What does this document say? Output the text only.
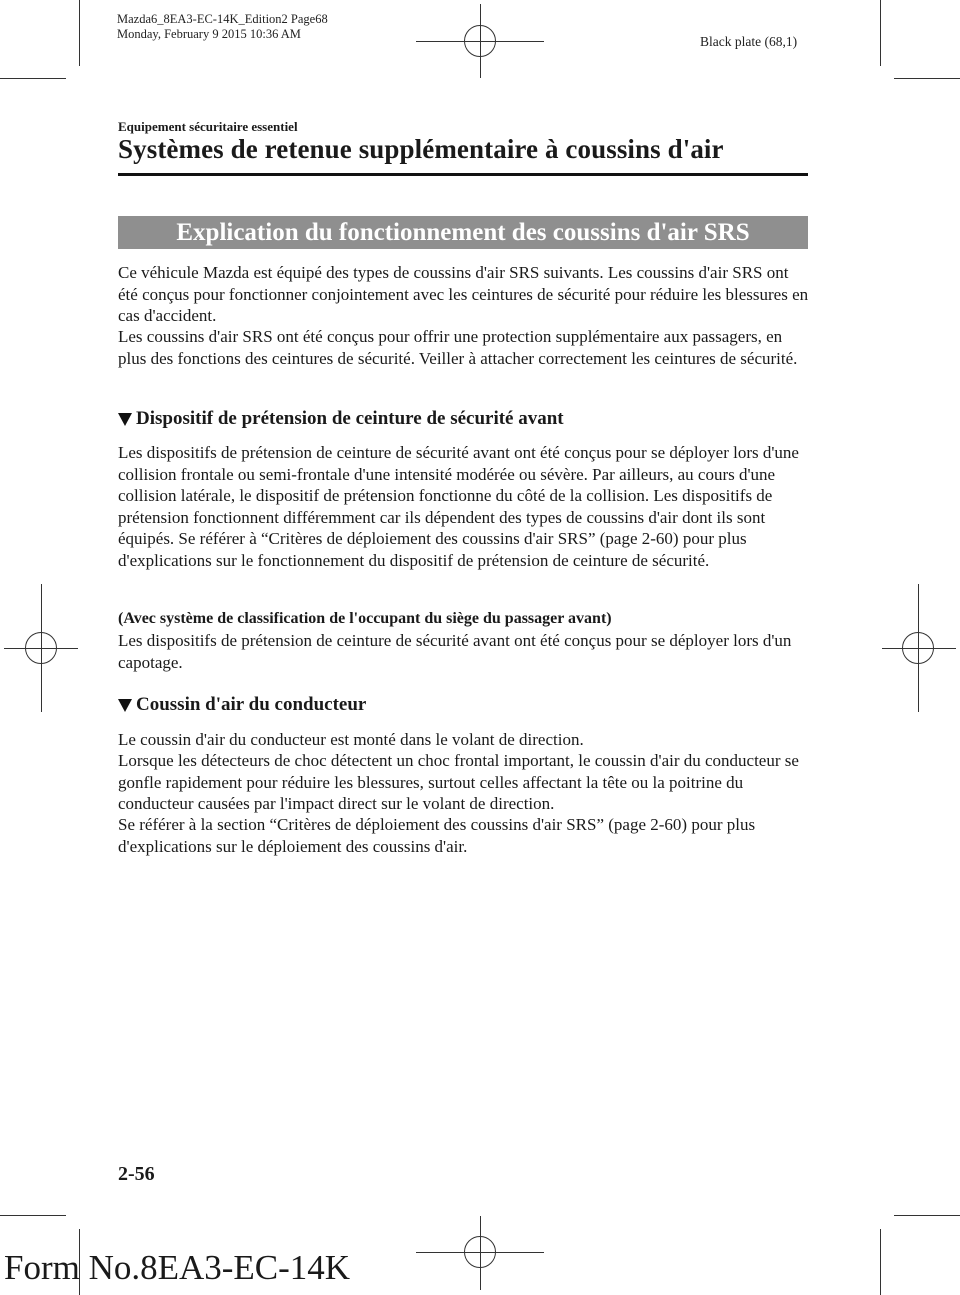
Mazda6_8EA3-EC-14K_Edition2 Page68
Monday, February 9 2015 10:36 AM	Black plate (68,1)
Equipement sécuritaire essentiel
Systèmes de retenue supplémentaire à coussins d'air
Explication du fonctionnement des coussins d'air SRS

Ce véhicule Mazda est équipé des types de coussins d'air SRS suivants. Les coussins d'air SRS ont été conçus pour fonctionner conjointement avec les ceintures de sécurité pour réduire les blessures en cas d'accident.

Les coussins d'air SRS ont été conçus pour offrir une protection supplémentaire aux passagers, en plus des fonctions des ceintures de sécurité. Veiller à attacher correctement les ceintures de sécurité.

Dispositif de prétension de ceinture de sécurité avant

Les dispositifs de prétension de ceinture de sécurité avant ont été conçus pour se déployer lors d'une collision frontale ou semi-frontale d'une intensité modérée ou sévère. Par ailleurs, au cours d'une collision latérale, le dispositif de prétension fonctionne du côté de la collision. Les dispositifs de prétension fonctionnent différemment car ils dépendent des types de coussins d'air dont ils sont équipés. Se référer à “Critères de déploiement des coussins d'air SRS” (page 2-60) pour plus d'explications sur le fonctionnement du dispositif de prétension de ceinture de sécurité.

(Avec système de classification de l'occupant du siège du passager avant)

Les dispositifs de prétension de ceinture de sécurité avant ont été conçus pour se déployer lors d'un capotage.

Coussin d'air du conducteur

Le coussin d'air du conducteur est monté dans le volant de direction.

Lorsque les détecteurs de choc détectent un choc frontal important, le coussin d'air du conducteur se gonfle rapidement pour réduire les blessures, surtout celles affectant la tête ou la poitrine du conducteur causées par l'impact direct sur le volant de direction.

Se référer à la section “Critères de déploiement des coussins d'air SRS” (page 2-60) pour plus d'explications sur le déploiement des coussins d'air.

2-56
Form No.8EA3-EC-14K
